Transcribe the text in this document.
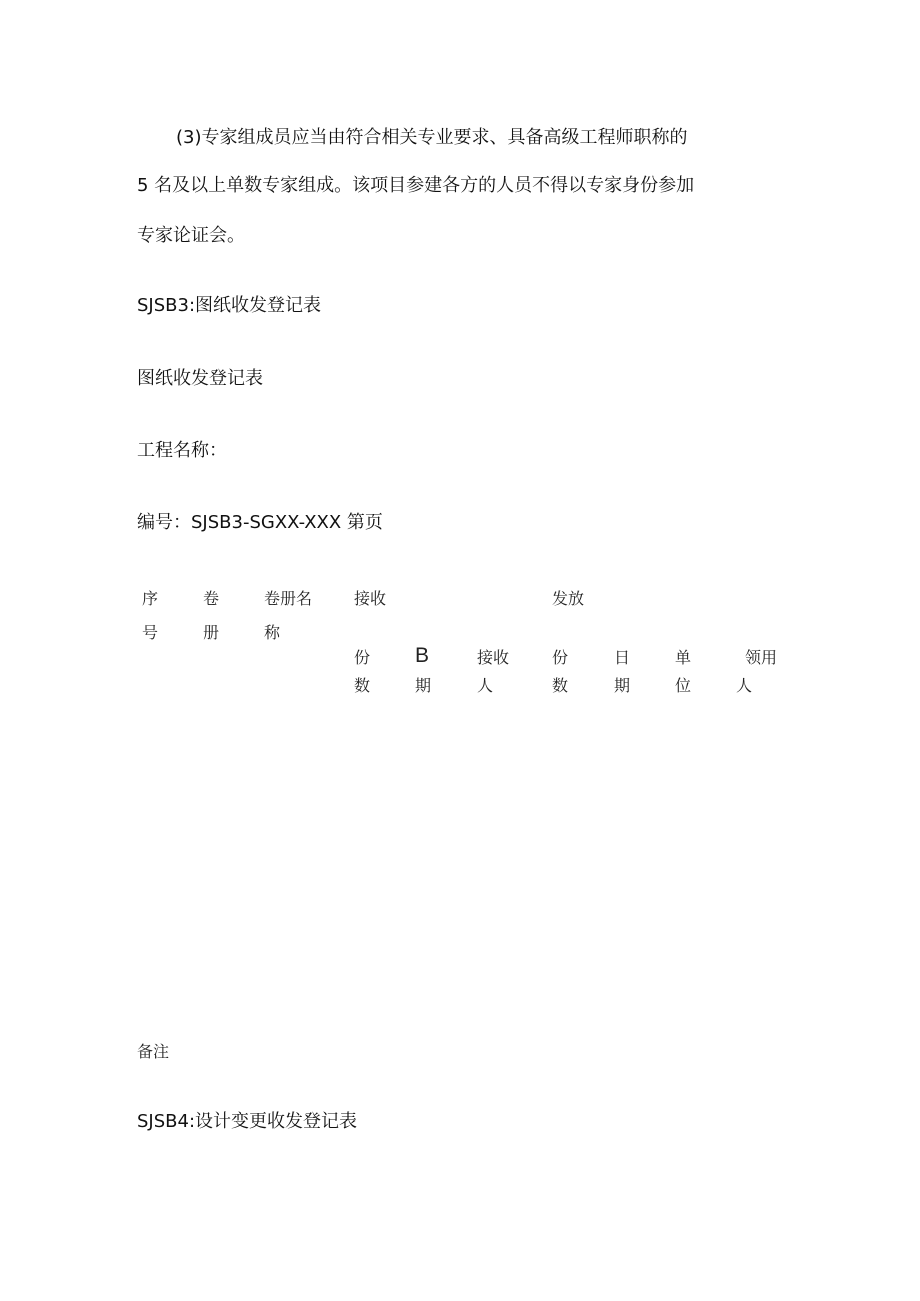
(3)专家组成员应当由符合相关专业要求、具备高级工程师职称的
5 名及以上单数专家组成。该项目参建各方的人员不得以专家身份参加
专家论证会。
SJSB3:图纸收发登记表
图纸收发登记表
工程名称：
编号：SJSB3-SGXX-XXX 第页
序
号
卷
册
卷册名
称
接收	发放
份
数
B
期
接收
人
份
数
日
期
单
位
领用
人
备注
SJSB4:设计变更收发登记表
